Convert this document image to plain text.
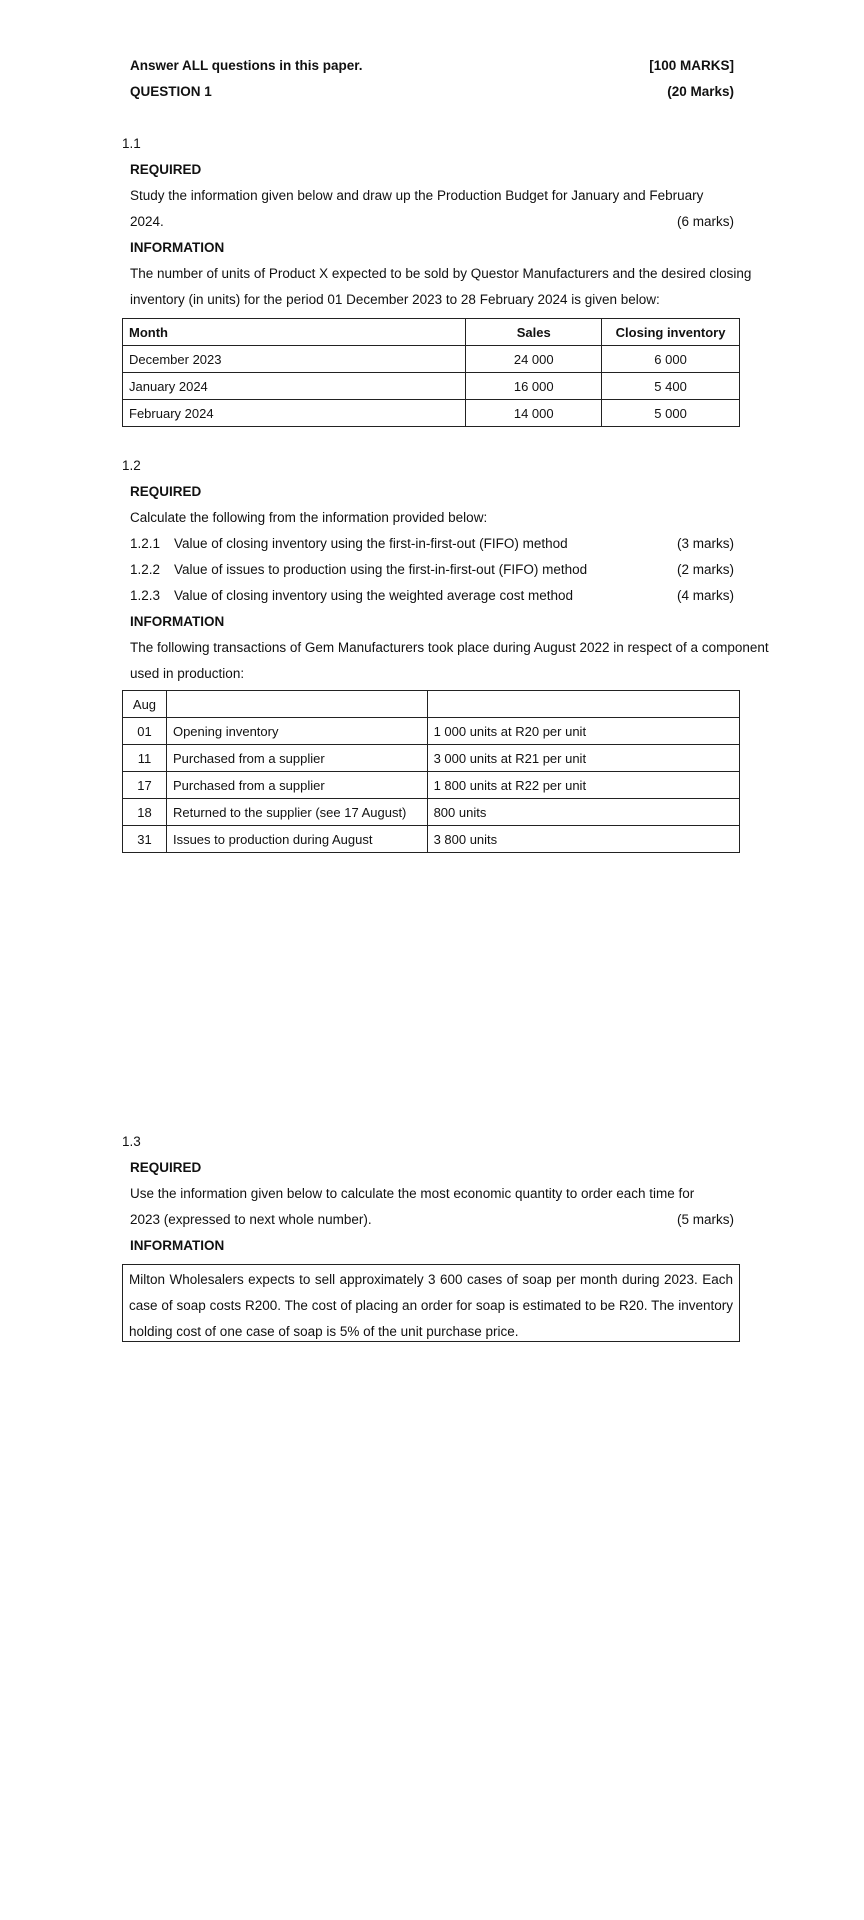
Answer ALL questions in this paper.	[100 MARKS]
QUESTION 1	(20 Marks)
1.1
REQUIRED
Study the information given below and draw up the Production Budget for January and February
2024.	(6 marks)
INFORMATION
The number of units of Product X expected to be sold by Questor Manufacturers and the desired closing
inventory (in units) for the period 01 December 2023 to 28 February 2024 is given below:
Month	Sales	Closing inventory
December 2023	24 000	6 000
January 2024	16 000	5 400
February 2024	14 000	5 000
1.2
REQUIRED
Calculate the following from the information provided below:
1.2.1 Value of closing inventory using the first-in-first-out (FIFO) method	(3 marks)
1.2.2 Value of issues to production using the first-in-first-out (FIFO) method	(2 marks)
1.2.3 Value of closing inventory using the weighted average cost method	(4 marks)
INFORMATION
The following transactions of Gem Manufacturers took place during August 2022 in respect of a component
used in production:
Aug		
01	Opening inventory	1 000 units at R20 per unit
11	Purchased from a supplier	3 000 units at R21 per unit
17	Purchased from a supplier	1 800 units at R22 per unit
18	Returned to the supplier (see 17 August)	800 units
31	Issues to production during August	3 800 units
1.3
REQUIRED
Use the information given below to calculate the most economic quantity to order each time for
2023 (expressed to next whole number).	(5 marks)
INFORMATION
Milton Wholesalers expects to sell approximately 3 600 cases of soap per month during 2023. Each case of soap costs R200. The cost of placing an order for soap is estimated to be R20. The inventory holding cost of one case of soap is 5% of the unit purchase price.
